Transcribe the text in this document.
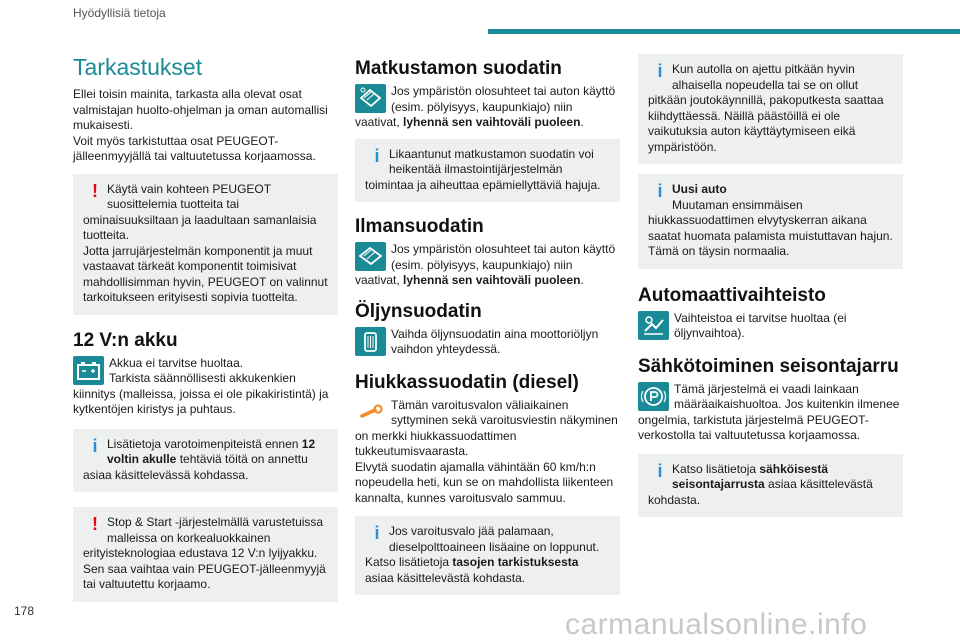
Hyödyllisiä tietoja
Tarkastukset

Ellei toisin mainita, tarkasta alla olevat osat valmistajan huolto-ohjelman ja oman automallisi mukaisesti.

Voit myös tarkistuttaa osat PEUGEOT-jälleenmyyjällä tai valtuutetussa korjaamossa.

! Käytä vain kohteen PEUGEOT suosittelemia tuotteita tai ominaisuuksiltaan ja laadultaan samanlaisia tuotteita.
Jotta jarrujärjestelmän komponentit ja muut vastaavat tärkeät komponentit toimisivat mahdollisimman hyvin, PEUGEOT on valinnut tarkoitukseen erityisesti sopivia tuotteita.
12 V:n akku

Akkua ei tarvitse huoltaa.

Tarkista säännöllisesti akkukenkien kiinnitys (malleissa, joissa ei ole pikakiristintä) ja kytkentöjen kiristys ja puhtaus.

i Lisätietoja varotoimenpiteistä ennen 12 voltin akulle tehtäviä töitä on annettu asiaa käsittelevässä kohdassa.
! Stop & Start -järjestelmällä varustetuissa malleissa on korkealuokkainen erityisteknologiaa edustava 12 V:n lyijyakku.
Sen saa vaihtaa vain PEUGEOT-jälleenmyyjä tai valtuutettu korjaamo.
Matkustamon suodatin

Jos ympäristön olosuhteet tai auton käyttö (esim. pölyisyys, kaupunkiajo) niin vaativat, lyhennä sen vaihtoväli puoleen.

i Likaantunut matkustamon suodatin voi heikentää ilmastointijärjestelmän toimintaa ja aiheuttaa epämiellyttäviä hajuja.
Ilmansuodatin

Jos ympäristön olosuhteet tai auton käyttö (esim. pölyisyys, kaupunkiajo) niin vaativat, lyhennä sen vaihtoväli puoleen.

Öljynsuodatin

Vaihda öljynsuodatin aina moottoriöljyn vaihdon yhteydessä.

Hiukkassuodatin (diesel)

Tämän varoitusvalon väliaikainen syttyminen sekä varoitusviestin näkyminen on merkki hiukkassuodattimen tukkeutumisvaarasta.

Elvytä suodatin ajamalla vähintään 60 km/h:n nopeudella heti, kun se on mahdollista liikenteen kannalta, kunnes varoitusvalo sammuu.

i Jos varoitusvalo jää palamaan, dieselpolttoaineen lisäaine on loppunut.
Katso lisätietoja tasojen tarkistuksesta asiaa käsittelevästä kohdasta.
i Kun autolla on ajettu pitkään hyvin alhaisella nopeudella tai se on ollut pitkään joutokäynnillä, pakoputkesta saattaa kiihdyttäessä. Näillä päästöillä ei ole vaikutuksia auton käyttäytymiseen eikä ympäristöön.
i Uusi auto
Muutaman ensimmäisen hiukkassuodattimen elvytyskerran aikana saatat huomata palamista muistuttavan hajun. Tämä on täysin normaalia.
Automaattivaihteisto

Vaihteistoa ei tarvitse huoltaa (ei öljynvaihtoa).

Sähkötoiminen seisontajarru

Tämä järjestelmä ei vaadi lainkaan määräaikaishuoltoa. Jos kuitenkin ilmenee ongelmia, tarkistuta järjestelmä PEUGEOT-verkostolla tai valtuutetussa korjaamossa.

i Katso lisätietoja sähköisestä seisontajarrusta asiaa käsittelevästä kohdasta.
178	carmanualsonline.info
